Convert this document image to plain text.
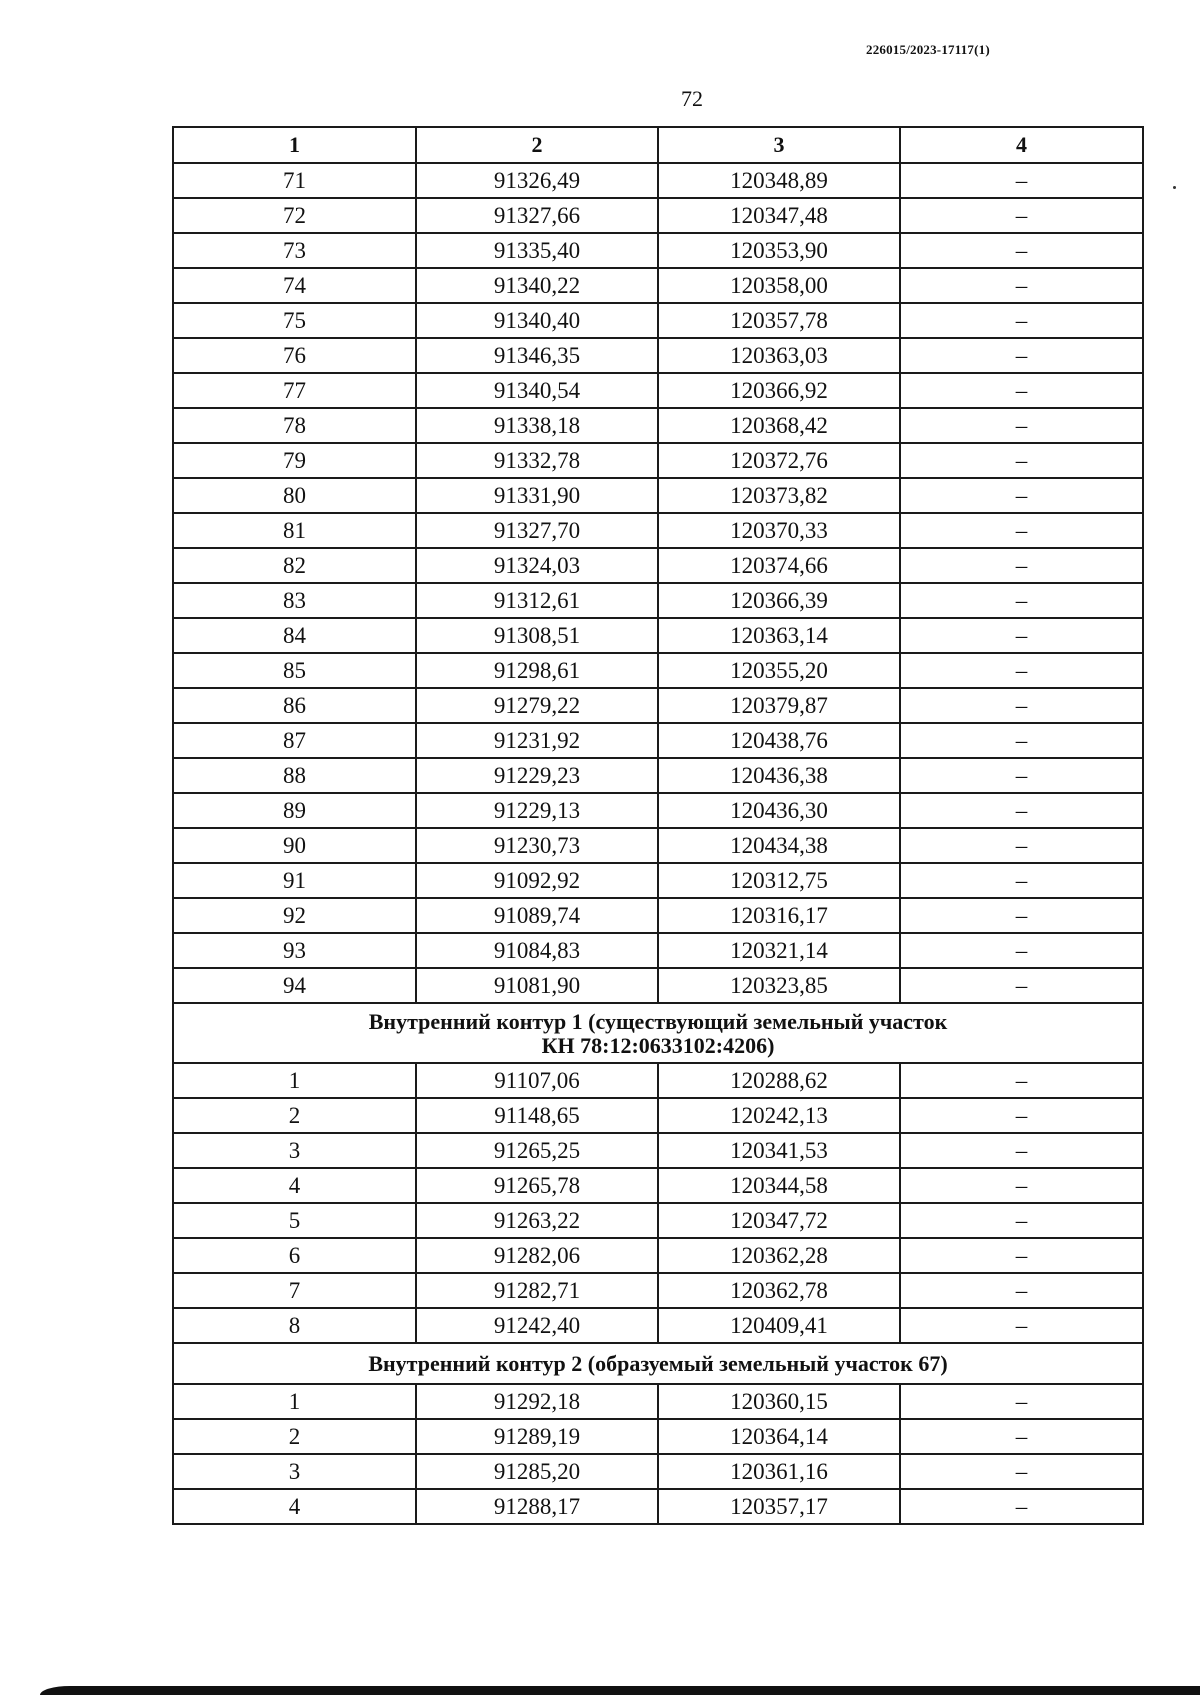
226015/2023-17117(1)
72
1	2	3	4
71	91326,49	120348,89	–
72	91327,66	120347,48	–
73	91335,40	120353,90	–
74	91340,22	120358,00	–
75	91340,40	120357,78	–
76	91346,35	120363,03	–
77	91340,54	120366,92	–
78	91338,18	120368,42	–
79	91332,78	120372,76	–
80	91331,90	120373,82	–
81	91327,70	120370,33	–
82	91324,03	120374,66	–
83	91312,61	120366,39	–
84	91308,51	120363,14	–
85	91298,61	120355,20	–
86	91279,22	120379,87	–
87	91231,92	120438,76	–
88	91229,23	120436,38	–
89	91229,13	120436,30	–
90	91230,73	120434,38	–
91	91092,92	120312,75	–
92	91089,74	120316,17	–
93	91084,83	120321,14	–
94	91081,90	120323,85	–
Внутренний контур 1 (существующий земельный участок
КН 78:12:0633102:4206)			
1	91107,06	120288,62	–
2	91148,65	120242,13	–
3	91265,25	120341,53	–
4	91265,78	120344,58	–
5	91263,22	120347,72	–
6	91282,06	120362,28	–
7	91282,71	120362,78	–
8	91242,40	120409,41	–
Внутренний контур 2 (образуемый земельный участок 67)			
1	91292,18	120360,15	–
2	91289,19	120364,14	–
3	91285,20	120361,16	–
4	91288,17	120357,17	–
